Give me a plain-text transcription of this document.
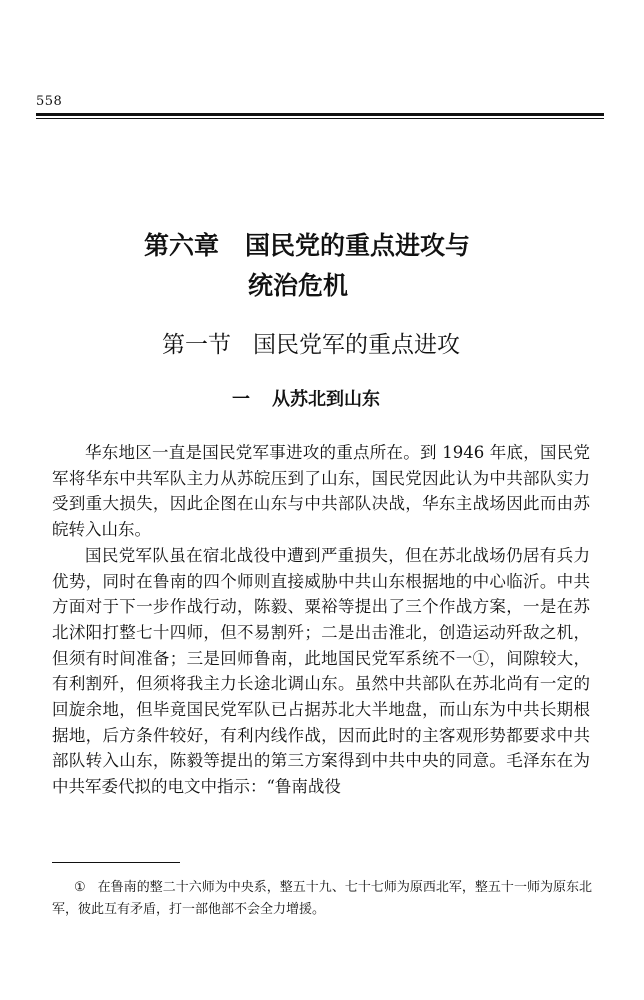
558
第六章 国民党的重点进攻与
统治危机
第一节 国民党军的重点进攻
一 从苏北到山东

华东地区一直是国民党军事进攻的重点所在。到 1946 年底，国民党军将华东中共军队主力从苏皖压到了山东，国民党因此认为中共部队实力受到重大损失，因此企图在山东与中共部队决战，华东主战场因此而由苏皖转入山东。

国民党军队虽在宿北战役中遭到严重损失，但在苏北战场仍居有兵力优势，同时在鲁南的四个师则直接威胁中共山东根据地的中心临沂。中共方面对于下一步作战行动，陈毅、粟裕等提出了三个作战方案，一是在苏北沭阳打整七十四师，但不易割歼；二是出击淮北，创造运动歼敌之机，但须有时间准备；三是回师鲁南，此地国民党军系统不一①，间隙较大，有利割歼，但须将我主力长途北调山东。虽然中共部队在苏北尚有一定的回旋余地，但毕竟国民党军队已占据苏北大半地盘，而山东为中共长期根据地，后方条件较好，有利内线作战，因而此时的主客观形势都要求中共部队转入山东，陈毅等提出的第三方案得到中共中央的同意。毛泽东在为中共军委代拟的电文中指示：“鲁南战役

① 在鲁南的整二十六师为中央系，整五十九、七十七师为原西北军，整五十一师为原东北军，彼此互有矛盾，打一部他部不会全力增援。
